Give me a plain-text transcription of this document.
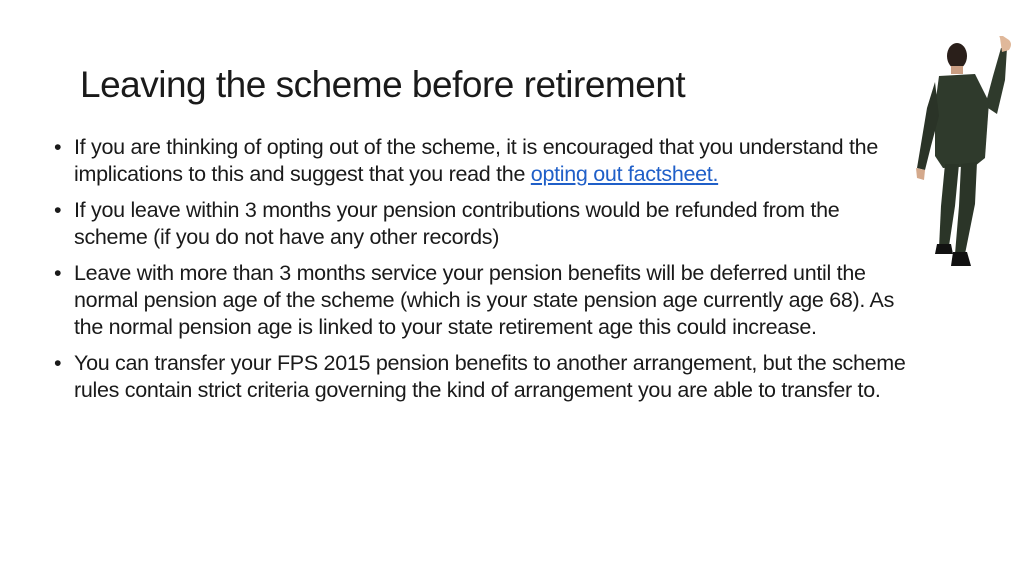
Leaving the scheme before retirement
• If you are thinking of opting out of the scheme, it is encouraged that you understand the implications to this and suggest that you read the opting out factsheet.
• If you leave within 3 months your pension contributions would be refunded from the scheme (if you do not have any other records)
• Leave with more than 3 months service your pension benefits will be deferred until the normal pension age of the scheme (which is your state pension age currently age 68). As the normal pension age is linked to your state retirement age this could increase.
• You can transfer your FPS 2015 pension benefits to another arrangement, but the scheme rules contain strict criteria governing the kind of arrangement you are able to transfer to.
